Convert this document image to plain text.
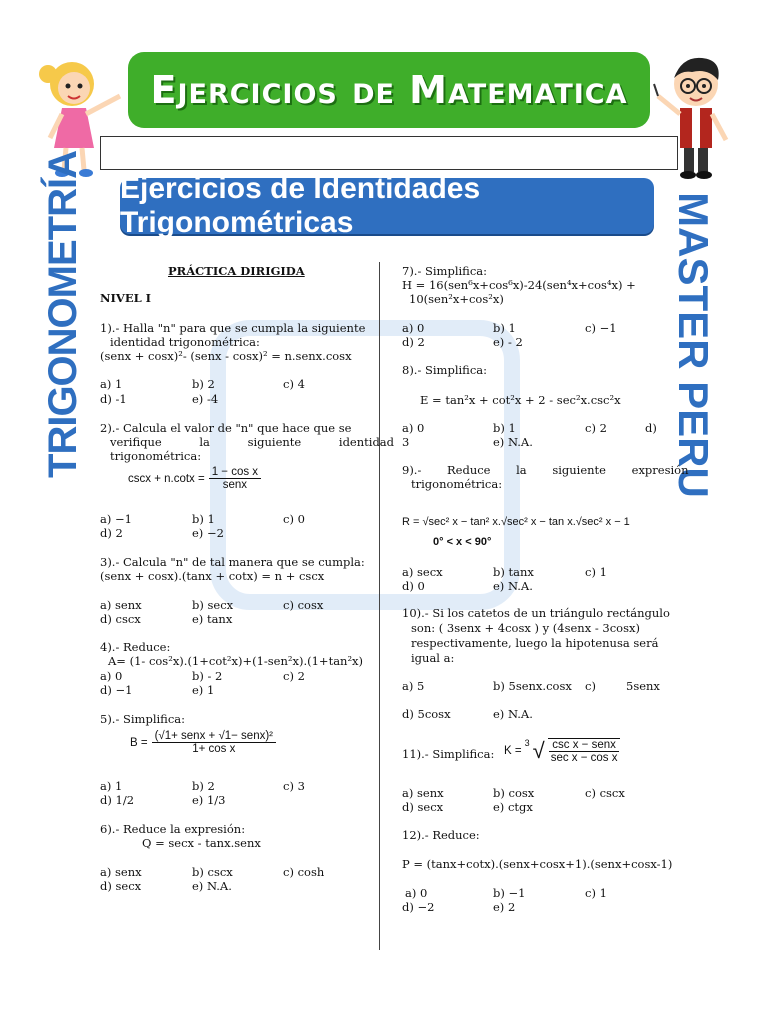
Ejercicios de Matematica
Ejercicios de Identidades Trigonométricas
TRIGONOMETRÍA	MASTER PERU
PRÁCTICA DIRIGIDA
NIVEL I
1).- Halla "n" para que se cumpla la siguiente
identidad trigonométrica:
(senx + cosx)²- (senx - cosx)² = n.senx.cosx
a) 1	b) 2	c) 4
d) -1	e) -4
2).- Calcula el valor de "n" que hace que se
verifique la siguiente identidad
trigonométrica:
$\csc x + n.\cot x = \frac{\text{1 − cos x}}{\text{senx}}$
a) −1	b) 1	c) 0
d) 2	e) −2
3).- Calcula "n" de tal manera que se cumpla:
(senx + cosx).(tanx + cotx) = n + cscx
a) senx	b) secx	c) cosx
d) cscx	e) tanx
4).- Reduce:
A= (1- cos²x).(1+cot²x)+(1-sen²x).(1+tan²x)
a) 0	b) - 2	c) 2
d) −1	e) 1
5).- Simplifica:
$B = \frac{\text{(√1+ senx + √1− senx)²}}{\text{1+ cos x}}$
a) 1	b) 2	c) 3
d) 1/2	e) 1/3
6).- Reduce la expresión:
Q = secx - tanx.senx
a) senx	b) cscx	c) cosh
d) secx	e) N.A.
7).- Simplifica:
H = 16(sen⁶x+cos⁶x)-24(sen⁴x+cos⁴x) +
10(sen²x+cos²x)
a) 0	b) 1	c) −1
d) 2	e) - 2
8).- Simplifica:
E = tan²x + cot²x + 2 - sec²x.csc²x
a) 0	b) 1	c) 2	d)
3	e) N.A.
9).- Reduce la siguiente expresión
trigonométrica:
R = √sec² x − tan² x.√sec² x − tan x.√sec² x − 1
0° < x < 90°
a) secx	b) tanx	c) 1
d) 0	e) N.A.
10).- Si los catetos de un triángulo rectángulo
son: ( 3senx + 4cosx ) y (4senx - 3cosx)
respectivamente, luego la hipotenusa será
igual a:
a) 5	b) 5senx.cosx c)	5senx
d) 5cosx	e) N.A.
11).- Simplifica: K =
$^3$ √ $\frac{\text{csc x − senx}}{\text{sec x − cos x}}$
a) senx	b) cosx	c) cscx
d) secx	e) ctgx
12).- Reduce:
P = (tanx+cotx).(senx+cosx+1).(senx+cosx-1)
a) 0	b) −1	c) 1
d) −2	e) 2
